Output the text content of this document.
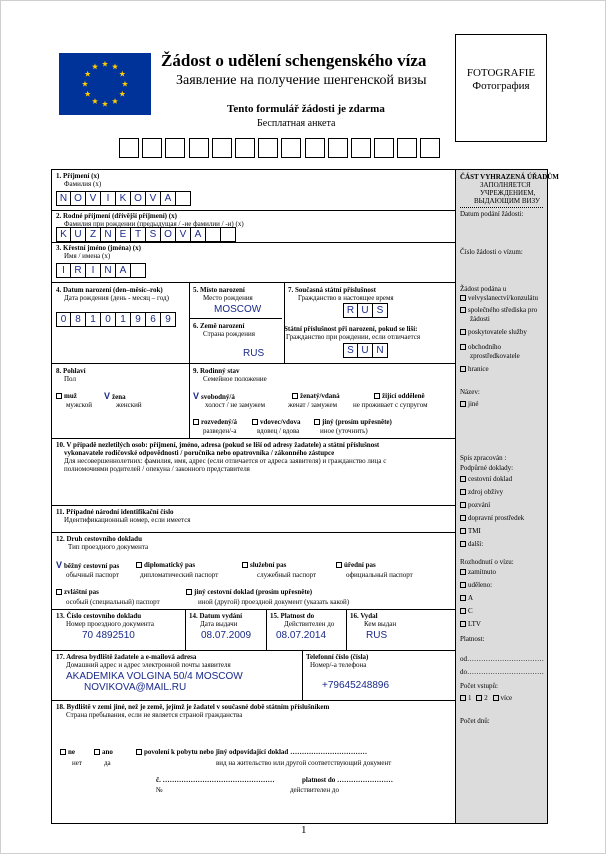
Žádost o udělení schengenského víza
Заявление на получение шенгенской визы
Tento formulář žádosti je zdarma
Бесплатная анкета
FOTOGRAFIE
Фотография
1. Příjmení (x)
Фамилия (x)
N O V	I	K O V A
2. Rodné příjmení (dřívější příjmení) (x)
Фамилия при рождении (предыдущая / -ие фамилии / -и) (x)
K U Z N E T S O V A
3. Křestní jméno (jména) (x)
Имя / имена (x)
I R	I N A
4. Datum narození (den–měsíc–rok)
Дата рождения (день - месяц – год)
0 8 1 0 1 9 6 9
5. Místo narození
Место рождения
MOSCOW
6. Země narození
Страна рождения
RUS
7. Současná státní příslušnost
Гражданство в настоящее время
R U S
Státní příslušnost při narození, pokud se liší:
Гражданство при рождении, если отличается
S U N
8. Pohlaví
Пол
muž
мужской
V žena
женский
9. Rodinný stav
Семейное положение
V svobodný/á
холост / не замужем
ženatý/vdaná
женат / замужем
žijící odděleně
не проживает с супругом
rozvedený/á
разведен/-а
vdovec/vdova
вдовец / вдова
jiný (prosím upřesněte)
иное (уточнить)
10. V případě nezletilých osob: příjmení, jméno, adresa (pokud se liší od adresy žadatele) a státní příslušnost
vykonavatele rodičovské odpovědnosti / poručníka nebo opatrovníka / zákonného zástupce
Для несовершеннолетних: фамилия, имя, адрес (если отличается от адреса заявителя) и гражданство лица с
полномочиями родителей / опекуна / законного представителя
11. Případné národní identifikační číslo
Идентификационный номер, если имеется
12. Druh cestovního dokladu
Тип проездного документа
V běžný cestovní pas
обычный паспорт
diplomatický pas
дипломатический паспорт
služební pas
служебный паспорт
úřední pas
официальный паспорт
zvláštní pas
особый (специальный) паспорт
jiný cestovní doklad (prosím upřesněte)
иной (другой) проездной документ (указать какой)
13. Číslo cestovního dokladu
Номер проездного документа
70 4892510
14. Datum vydání
Дата выдачи
08.07.2009
15. Platnost do
Действителен до
08.07.2014
16. Vydal
Кем выдан
RUS
17. Adresa bydliště žadatele a e-mailová adresa
Домашний адрес и адрес электронной почты заявителя
AKADEMIKA VOLGINA 50/4 MOSCOW
NOVIKOVA@MAIL.RU
Telefonní číslo (čísla)
Номер/-а телефона
+79645248896
18. Bydliště v zemi jiné, než je země, jejímž je žadatel v současné době státním příslušníkem
Страна пребывания, если не является страной гражданства
ne
нет
ano
да
povolení k pobytu nebo jiný odpovídající doklad ……………………………
вид на жительство или другой соответствующий документ
č. …………………………………………
№
platnost do ……………………
действителен до
ČÁST VYHRAZENÁ ÚŘADŮM
ЗАПОЛНЯЕТСЯ
УЧРЕЖДЕНИЕМ,
ВЫДАЮЩИМ ВИЗУ
Datum podání žádosti:
Číslo žádosti o vízum:
Žádost podána u
velvyslanectví/konzulátu
společného střediska pro
žádosti
poskytovatele služby
obchodního
zprostředkovatele
hranice
Název:
jiné
Spis zpracován :
Podpůrné doklady:
cestovní doklad
zdroj obživy
pozvání
dopravní prostředek
TMI
další:
Rozhodnutí o vízu:
zamítnuto
uděleno:
A
C
LTV
Platnost:
od……………………………
do……………………………
Počet vstupů:
1 2 více
Počet dnů:
1
